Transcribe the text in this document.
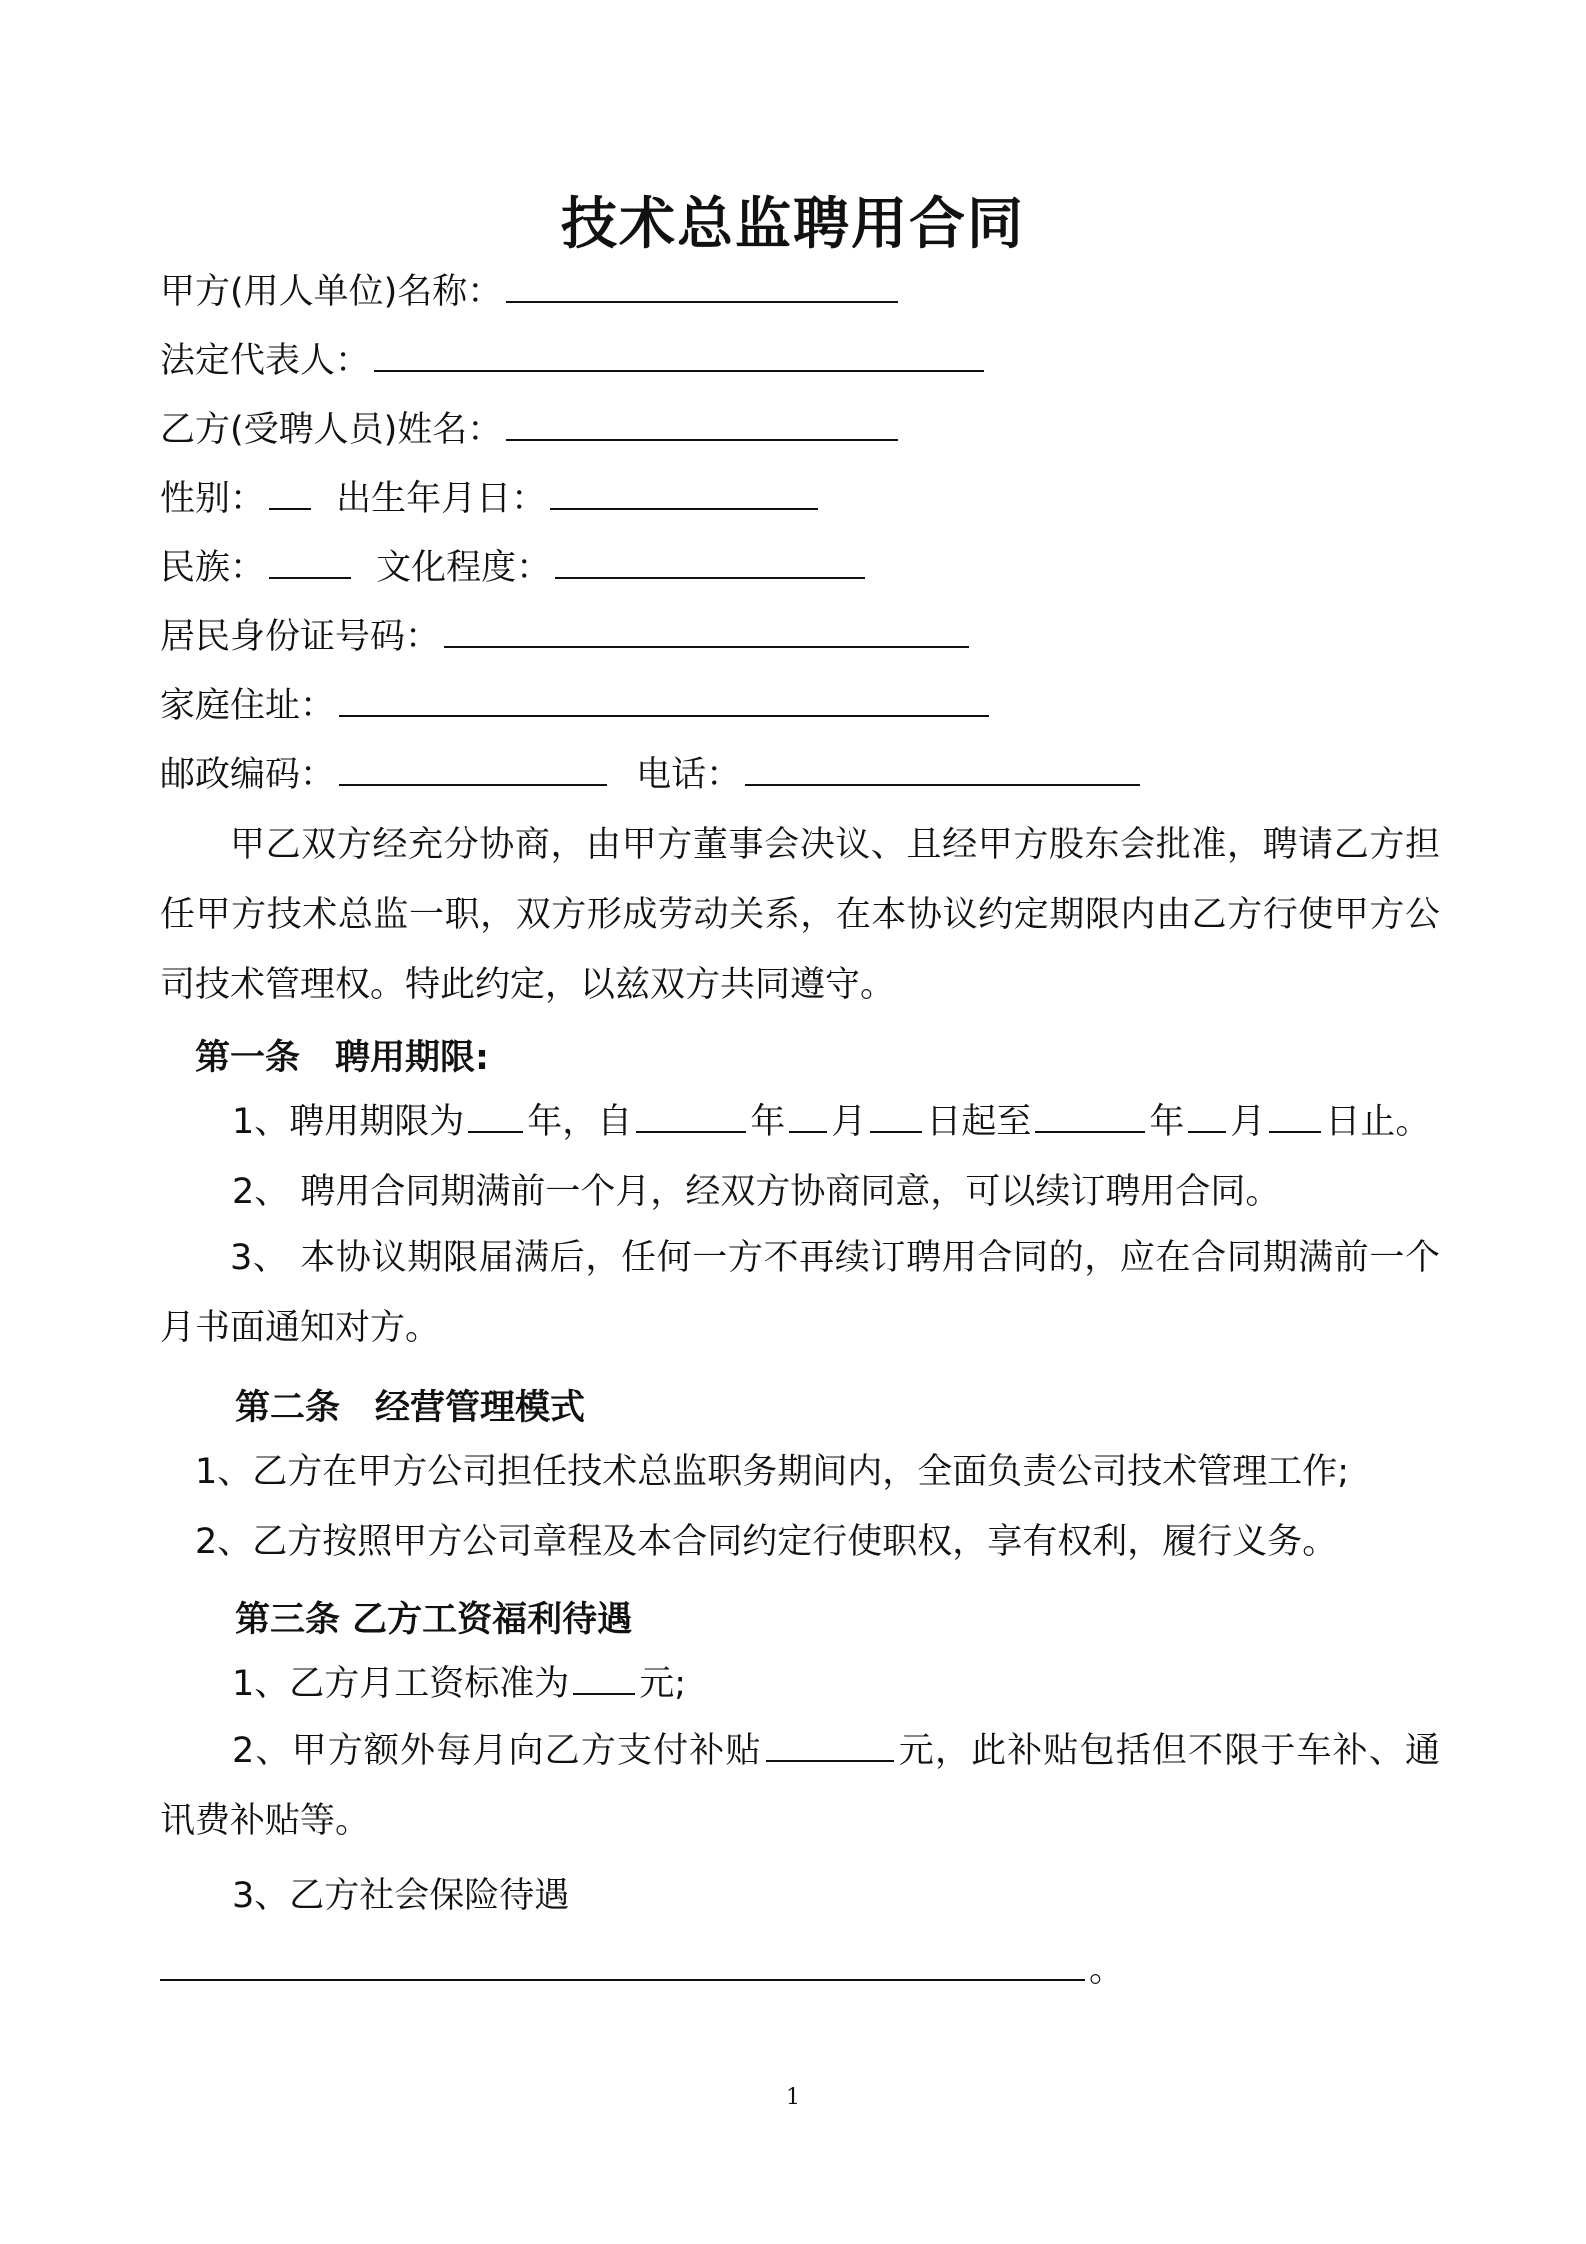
技术总监聘用合同
甲方(用人单位)名称：
法定代表人：
乙方(受聘人员)姓名：
性别： 出生年月日：
民族：	文化程度：
居民身份证号码：
家庭住址：
邮政编码：	电话：
甲乙双方经充分协商，由甲方董事会决议、且经甲方股东会批准，聘请乙方担任甲方技术总监一职，双方形成劳动关系，在本协议约定期限内由乙方行使甲方公司技术管理权。特此约定，以兹双方共同遵守。
第一条　聘用期限:
1、聘用期限为 年，自	年 月 日起至	年 月 日止。
2、 聘用合同期满前一个月，经双方协商同意，可以续订聘用合同。
3、 本协议期限届满后，任何一方不再续订聘用合同的，应在合同期满前一个月书面通知对方。
第二条　经营管理模式
1、乙方在甲方公司担任技术总监职务期间内，全面负责公司技术管理工作;
2、乙方按照甲方公司章程及本合同约定行使职权，享有权利，履行义务。
第三条 乙方工资福利待遇
1、乙方月工资标准为 元;
2、甲方额外每月向乙方支付补贴	元，此补贴包括但不限于车补、通讯费补贴等。
3、乙方社会保险待遇
。
1
